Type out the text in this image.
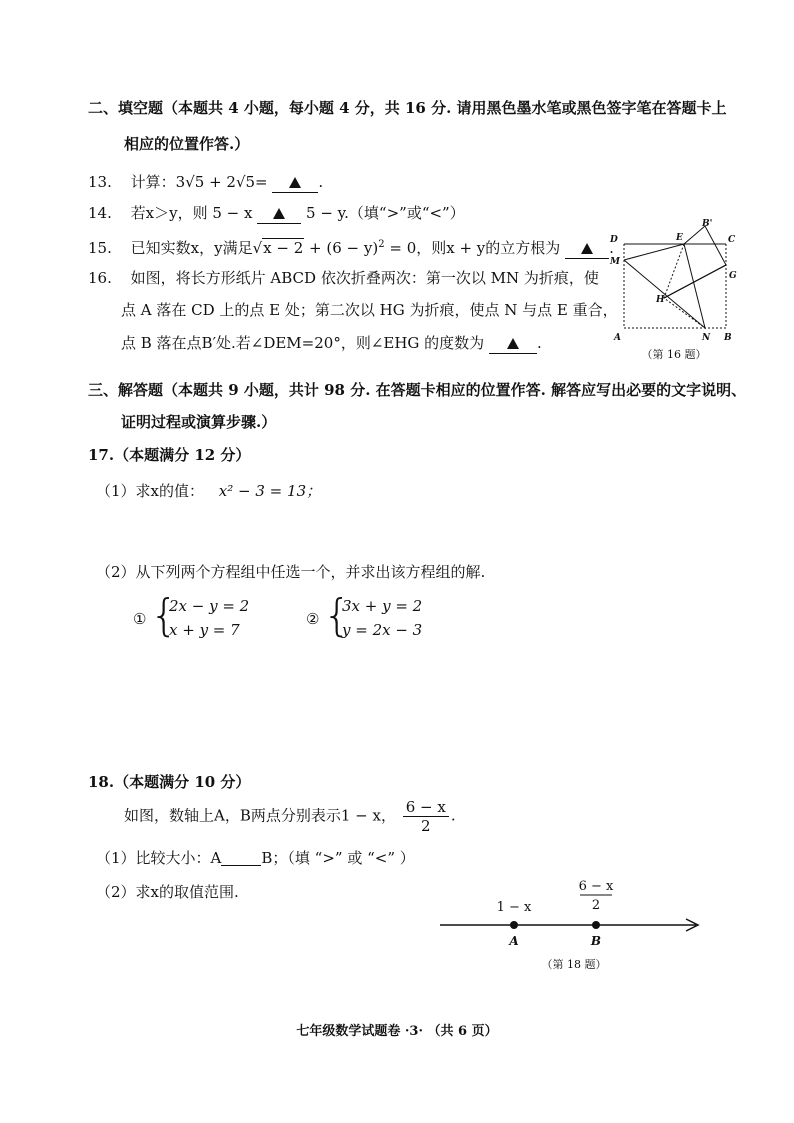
二、填空题（本题共 4 小题，每小题 4 分，共 16 分. 请用黑色墨水笔或黑色签字笔在答题卡上
相应的位置作答.）
13. 计算：3√5 + 2√5=	.
14. 若x＞y，则 5 − x	5 − y.（填“>”或“<”）
15. 已知实数x，y满足$√x - 2 + (6 - y)^2 = 0$，则x + y的立方根为	.
16. 如图，将长方形纸片 ABCD 依次折叠两次：第一次以 MN 为折痕，使
点 A 落在 CD 上的点 E 处；第二次以 HG 为折痕，使点 N 与点 E 重合，
点 B 落在点B′处.若∠DEM=20°，则∠EHG 的度数为	.
D	E
B'
C
M
G
H
A	N B
（第 16 题）
三、解答题（本题共 9 小题，共计 98 分. 在答题卡相应的位置作答. 解答应写出必要的文字说明、
证明过程或演算步骤.）
17.（本题满分 12 分）
（1）求x的值： x² − 3 = 13；
（2）从下列两个方程组中任选一个，并求出该方程组的解.
① {
2x − y = 2
x + y = 7
② {
3x + y = 2
y = 2x − 3
18.（本题满分 10 分）
如图，数轴上A，B两点分别表示1 − x， $\frac{6 - x}{2}$ .
（1）比较大小：A	B；（填 “>” 或 “<” ）
（2）求x的取值范围.
1 − x
6 − x
2
A	B
（第 18 题）
七年级数学试题卷 ·3· （共 6 页）
